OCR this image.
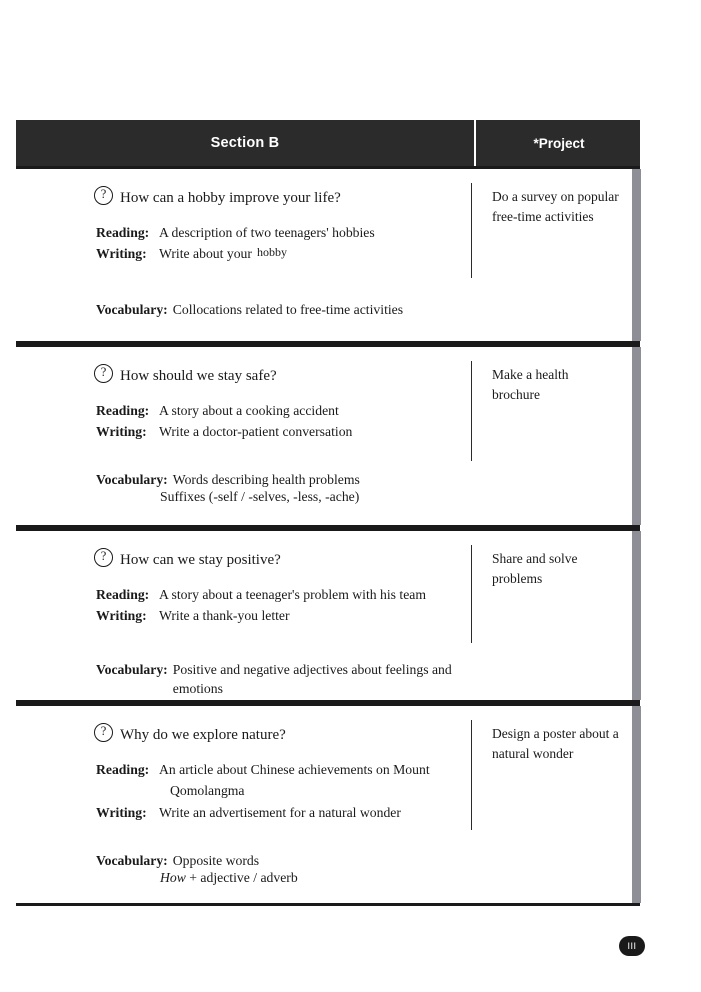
Section B	*Project
?
How can a hobby improve your life?
Reading: A description of two teenagers' hobbies
Writing: Write about your hobby
Vocabulary: Collocations related to free-time activities
Do a survey on popular free-time activities
?
How should we stay safe?
Reading: A story about a cooking accident
Writing: Write a doctor-patient conversation
Vocabulary: Words describing health problems
Suffixes (-self / -selves, -less, -ache)
Make a health brochure
?
How can we stay positive?
Reading: A story about a teenager's problem with his team
Writing: Write a thank-you letter
Vocabulary: Positive and negative adjectives about feelings and emotions
Share and solve problems
?
Why do we explore nature?
Reading: An article about Chinese achievements on Mount
Qomolangma
Writing: Write an advertisement for a natural wonder
Vocabulary: Opposite words
How + adjective / adverb
Design a poster about a natural wonder
III
